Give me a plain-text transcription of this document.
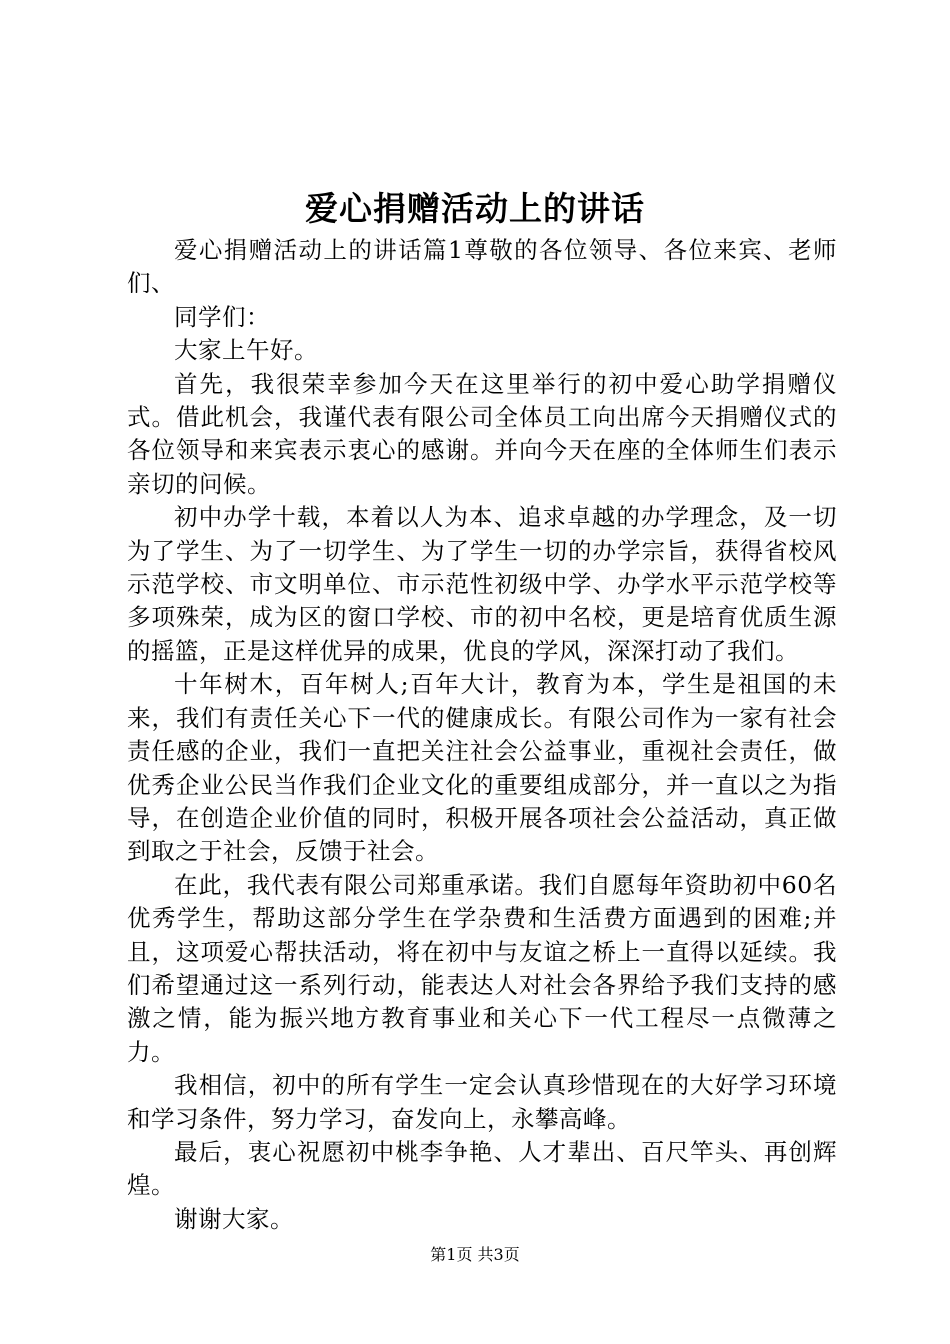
爱心捐赠活动上的讲话

爱心捐赠活动上的讲话篇1尊敬的各位领导、各位来宾、老师们、

同学们：

大家上午好。

首先，我很荣幸参加今天在这里举行的初中爱心助学捐赠仪式。借此机会，我谨代表有限公司全体员工向出席今天捐赠仪式的各位领导和来宾表示衷心的感谢。并向今天在座的全体师生们表示亲切的问候。

初中办学十载，本着以人为本、追求卓越的办学理念，及一切为了学生、为了一切学生、为了学生一切的办学宗旨，获得省校风示范学校、市文明单位、市示范性初级中学、办学水平示范学校等多项殊荣，成为区的窗口学校、市的初中名校，更是培育优质生源的摇篮，正是这样优异的成果，优良的学风，深深打动了我们。

十年树木，百年树人;百年大计，教育为本，学生是祖国的未来，我们有责任关心下一代的健康成长。有限公司作为一家有社会责任感的企业，我们一直把关注社会公益事业，重视社会责任，做优秀企业公民当作我们企业文化的重要组成部分，并一直以之为指导，在创造企业价值的同时，积极开展各项社会公益活动，真正做到取之于社会，反馈于社会。

在此，我代表有限公司郑重承诺。我们自愿每年资助初中60名优秀学生，帮助这部分学生在学杂费和生活费方面遇到的困难;并且，这项爱心帮扶活动，将在初中与友谊之桥上一直得以延续。我们希望通过这一系列行动，能表达人对社会各界给予我们支持的感激之情，能为振兴地方教育事业和关心下一代工程尽一点微薄之力。

我相信，初中的所有学生一定会认真珍惜现在的大好学习环境和学习条件，努力学习，奋发向上，永攀高峰。

最后，衷心祝愿初中桃李争艳、人才辈出、百尺竿头、再创辉煌。

谢谢大家。

第1页 共3页
